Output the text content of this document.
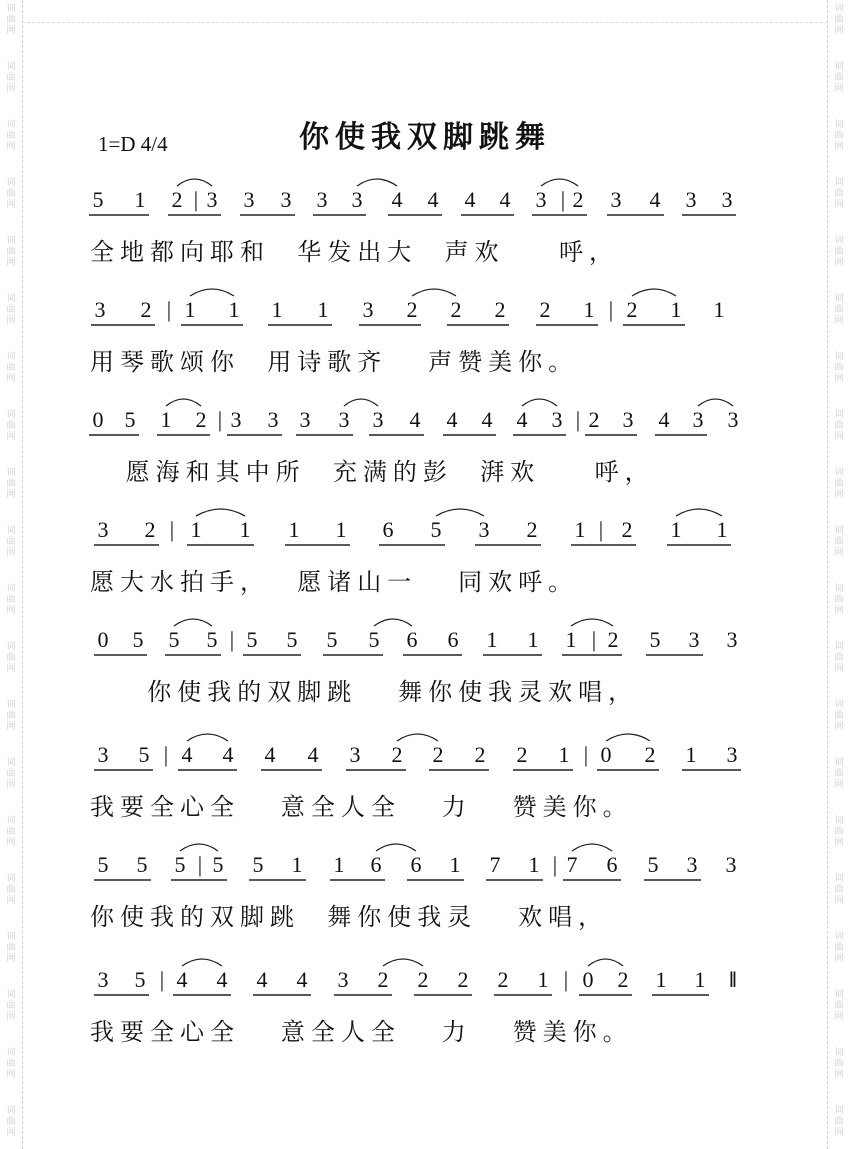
词
曲
网
词
曲
网
词
曲
网
词
曲
网
词
曲
网
词
曲
网
词
曲
网
词
曲
网
词
曲
网
词
曲
网
词
曲
网
词
曲
网
词
曲
网
词
曲
网
词
曲
网
词
曲
网
词
曲
网
词
曲
网
词
曲
网
词
曲
网
词
曲
网
词
曲
网
词
曲
网
词
曲
网
词
曲
网
词
曲
网
词
曲
网
词
曲
网
词
曲
网
词
曲
网
词
曲
网
词
曲
网
词
曲
网
词
曲
网
词
曲
网
词
曲
网
词
曲
网
词
曲
网
词
曲
网
词
曲
网
你使我双脚跳舞
1=D 4/4
5 1 2 | 3 3 3 3 3 4 4 4 4 3 | 2 3 4 3 3
全地都向耶和  华发出大  声欢    呼，
3 2 | 1 1 1 1 3 2 2 2 2 1 | 2 1 1
用琴歌颂你  用诗歌齐   声赞美你。
0 5 1 2 | 3 3 3 3 3 4 4 4 4 3 | 2 3 4 3 3
愿海和其中所  充满的彭  湃欢    呼，
3 2 | 1 1 1 1 6 5 3 2 1 | 2 1 1
愿大水拍手，  愿诸山一   同欢呼。
0 5 5 5 | 5 5 5 5 6 6 1 1 1 | 2 5 3 3
你使我的双脚跳   舞你使我灵欢唱，
3 5 | 4 4 4 4 3 2 2 2 2 1 | 0 2 1 3
我要全心全   意全人全   力   赞美你。
5 5 5 | 5 5 1 1 6 6 1 7 1 | 7 6 5 3 3
你使我的双脚跳  舞你使我灵   欢唱，
3 5 | 4 4 4 4 3 2 2 2 2 1 | 0 2 1 1 ‖
我要全心全   意全人全   力   赞美你。
